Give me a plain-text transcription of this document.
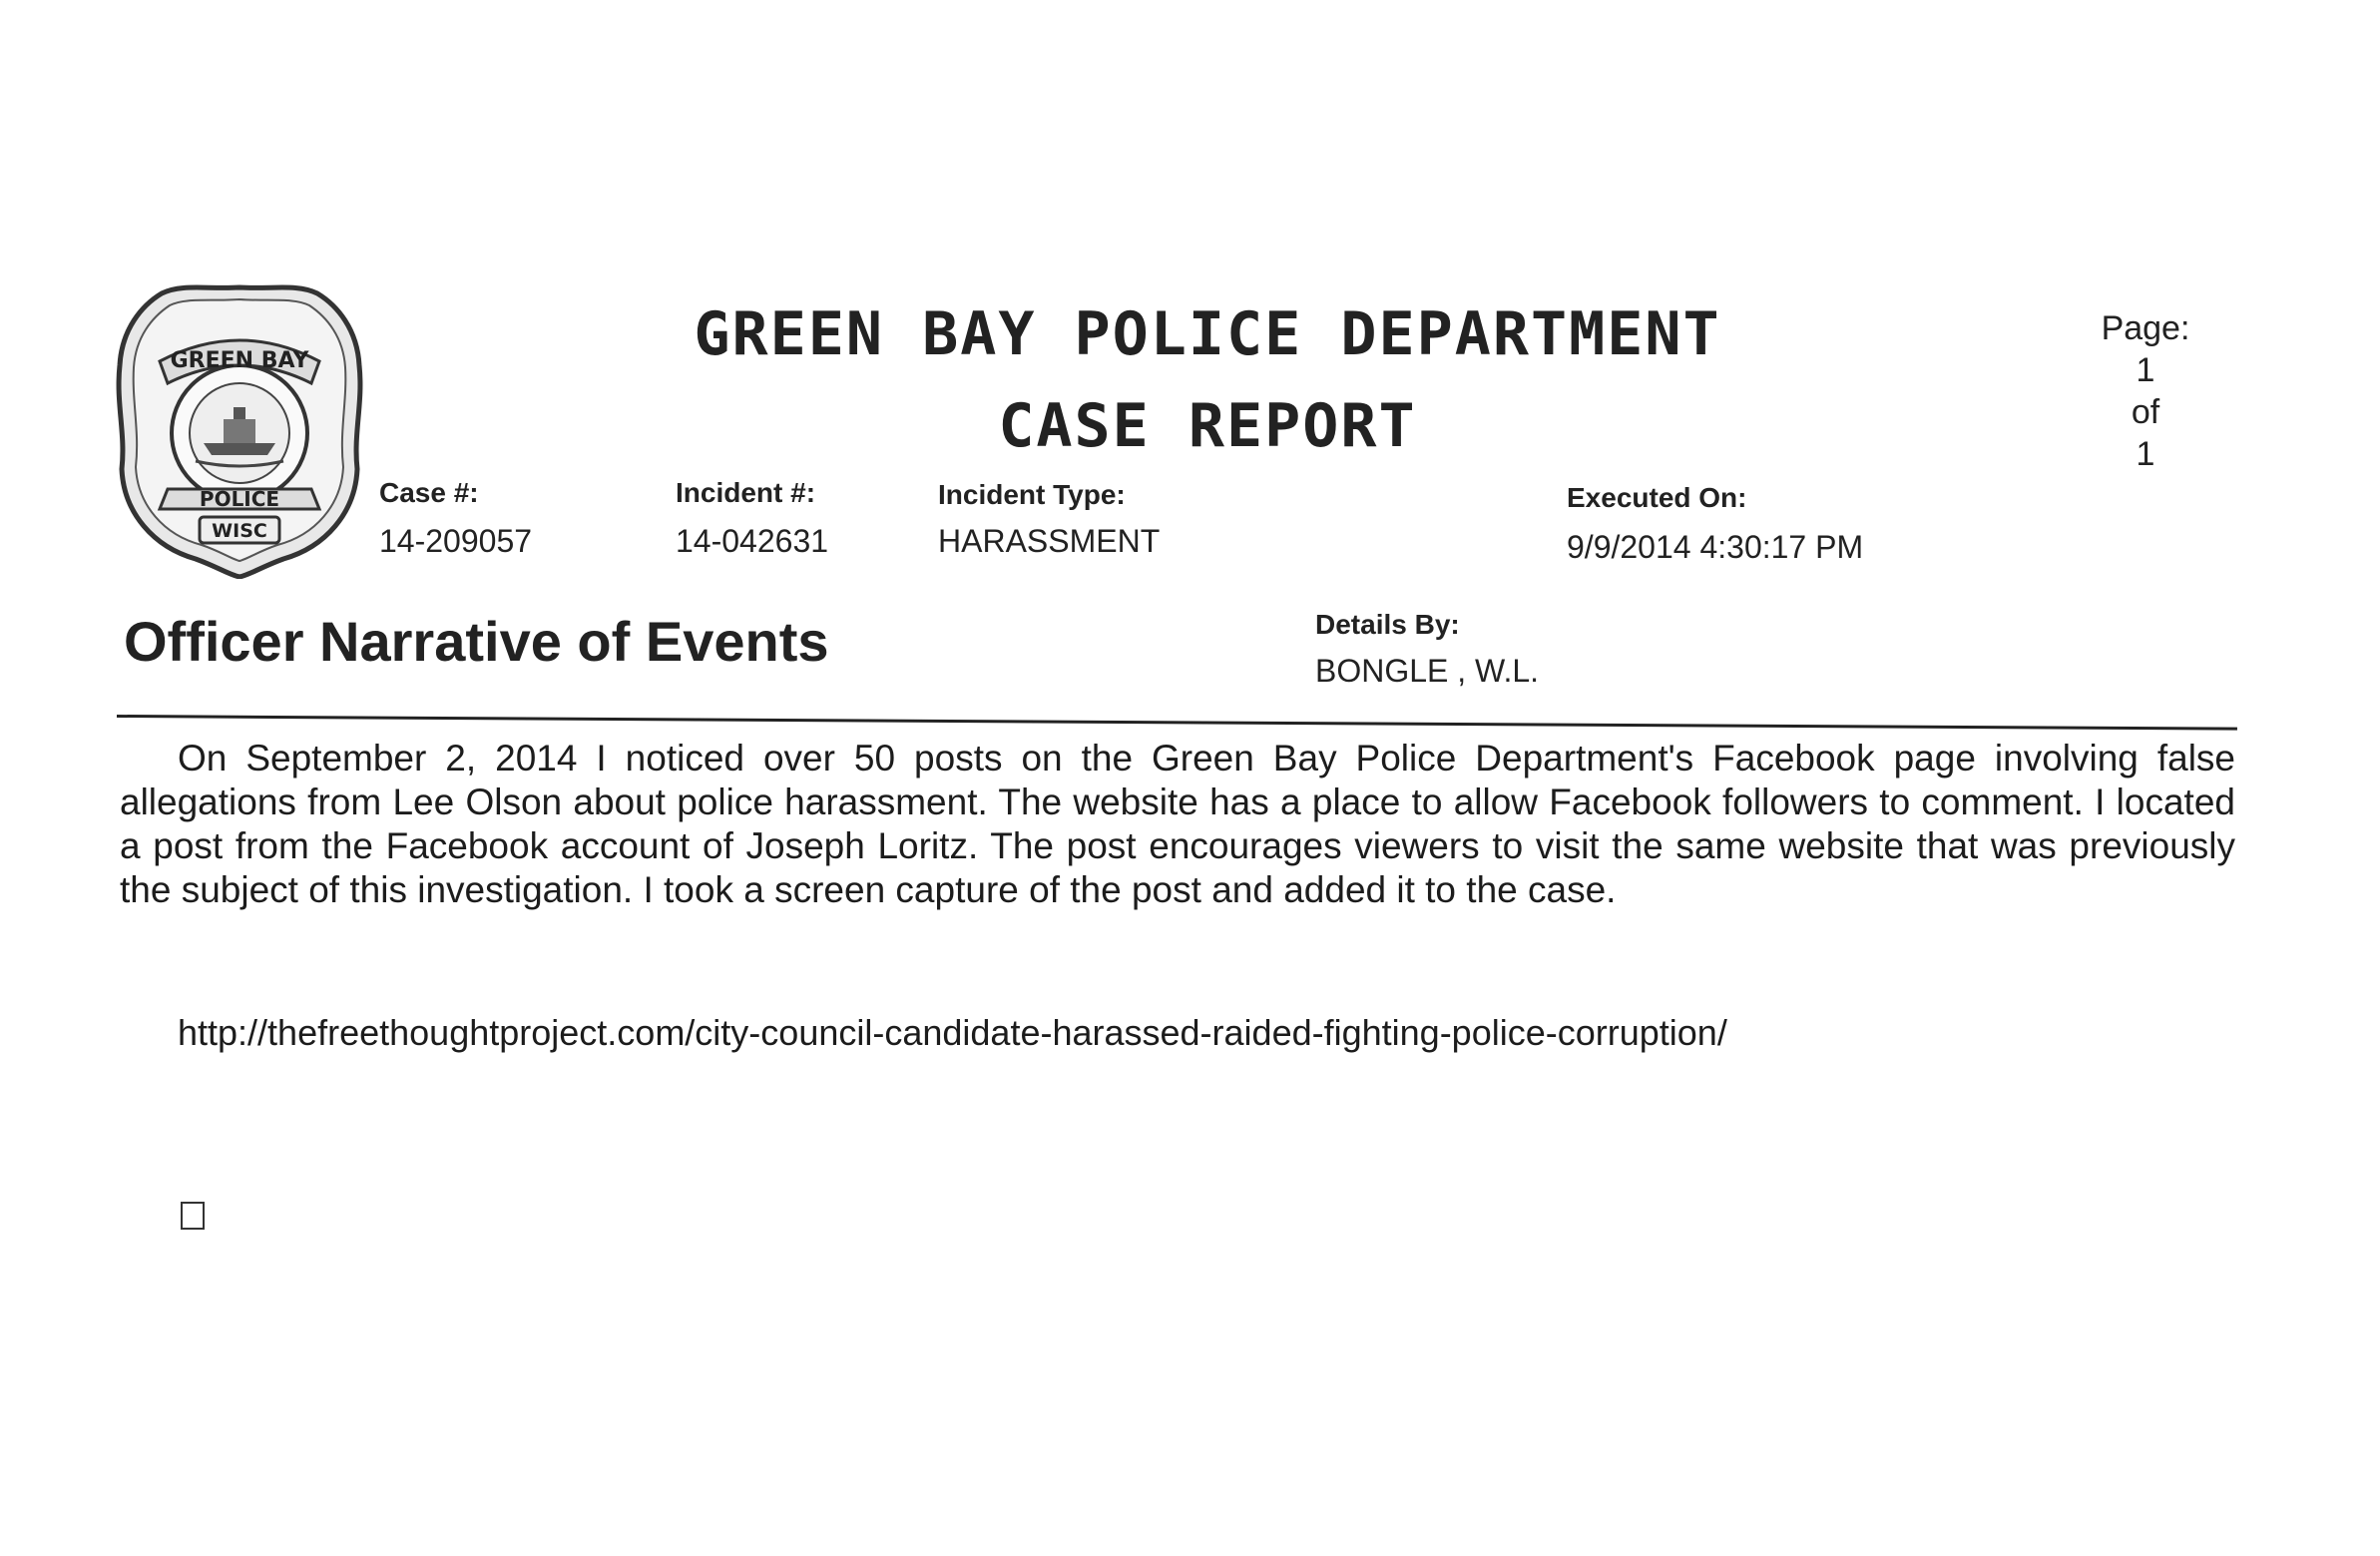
GREEN BAY
POLICE
WISC
GREEN BAY POLICE DEPARTMENT
CASE REPORT
Page:
1
of
1
Case #:
14-209057
Incident #:
14-042631
Incident Type:
HARASSMENT
Executed On:
9/9/2014 4:30:17 PM
Details By:
BONGLE , W.L.
Officer Narrative of Events
On September 2, 2014 I noticed over 50 posts on the Green Bay Police Department's Facebook page involving false allegations from Lee Olson about police harassment. The website has a place to allow Facebook followers to comment. I located a post from the Facebook account of Joseph Loritz. The post encourages viewers to visit the same website that was previously the subject of this investigation. I took a screen capture of the post and added it to the case.
http://thefreethoughtproject.com/city-council-candidate-harassed-raided-fighting-police-corruption/
